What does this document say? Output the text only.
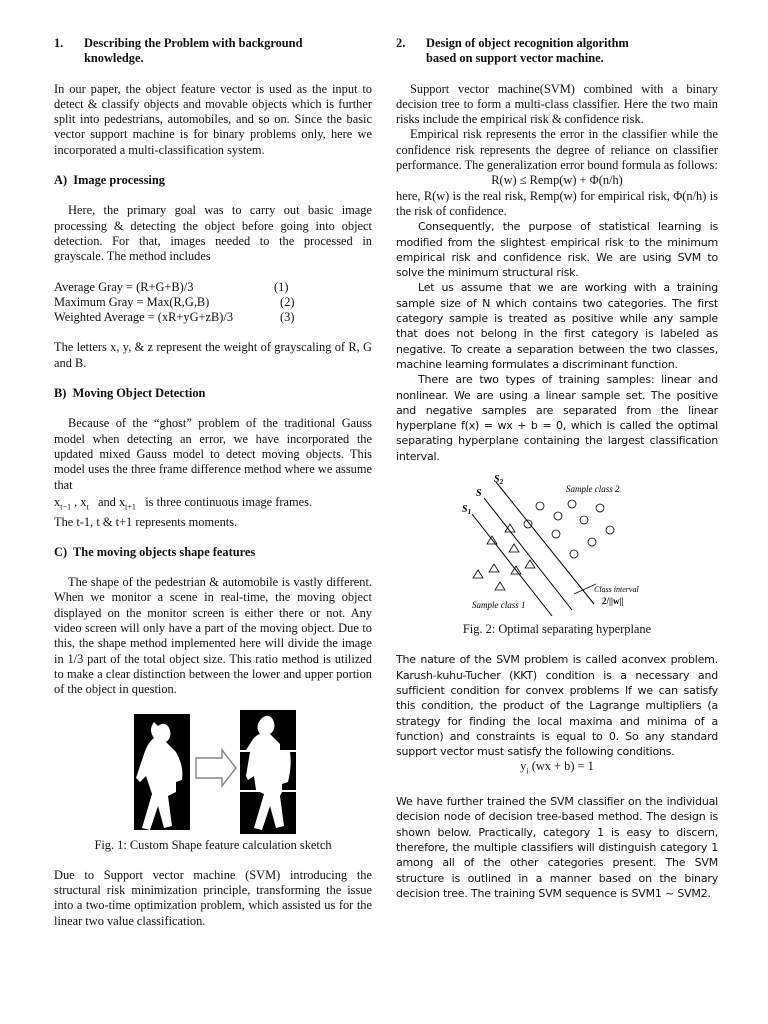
1.	Describing the Problem with background
knowledge.

In our paper, the object feature vector is used as the input to detect & classify objects and movable objects which is further split into pedestrians, automobiles, and so on. Since the basic vector support machine is for binary problems only, here we incorporated a multi-classification system.

A)  Image processing

Here, the primary goal was to carry out basic image processing & detecting the object before going into object detection. For that, images needed to the processed in grayscale. The method includes

Average Gray = (R+G+B)/3	(1)
Maximum Gray = Max(R,G,B)	(2)
Weighted Average = (xR+yG+zB)/3	(3)

The letters x, y, & z represent the weight of grayscaling of R, G and B.

B)  Moving Object Detection

Because of the “ghost” problem of the traditional Gauss model when detecting an error, we have incorporated the updated mixed Gauss model to detect moving objects. This model uses the three frame difference method where we assume that

$x_{t-1}$ , $x_t$ and $x_{t+1}$ is three continuous image frames.

The t-1, t & t+1 represents moments.

C)  The moving objects shape features

The shape of the pedestrian & automobile is vastly different. When we monitor a scene in real-time, the moving object displayed on the monitor screen is either there or not. Any video screen will only have a part of the moving object. Due to this, the shape method implemented here will divide the image in 1/3 part of the total object size. This ratio method is utilized to make a clear distinction between the lower and upper portion of the object in question.

Fig. 1: Custom Shape feature calculation sketch

Due to Support vector machine (SVM) introducing the structural risk minimization principle, transforming the issue into a two-time optimization problem, which assisted us for the linear two value classification.

2.	Design of object recognition algorithm
based on support vector machine.

Support vector machine(SVM) combined with a binary decision tree to form a multi-class classifier. Here the two main risks include the empirical risk & confidence risk.

Empirical risk represents the error in the classifier while the confidence risk represents the degree of reliance on classifier performance. The generalization error bound formula as follows:

R(w) ≤ Remp(w) + Φ(n/h)

here, R(w) is the real risk, Remp(w) for empirical risk, Φ(n/h) is the risk of confidence.

Consequently, the purpose of statistical learning is modified from the slightest empirical risk to the minimum empirical risk and confidence risk. We are using SVM to solve the minimum structural risk.

Let us assume that we are working with a training sample size of N which contains two categories. The first category sample is treated as positive while any sample that does not belong in the first category is labeled as negative. To create a separation between the two classes, machine learning formulates a discriminant function.

There are two types of training samples: linear and nonlinear. We are using a linear sample set. The positive and negative samples are separated from the linear hyperplane f(x) = wx + b = 0, which is called the optimal separating hyperplane containing the largest classification interval.

$S_2$
S
$S_1$
Sample class 2
Sample class 1
Class interval
2/||w||

Fig. 2: Optimal separating hyperplane

The nature of the SVM problem is called aconvex problem. Karush-kuhu-Tucher (KKT) condition is a necessary and sufficient condition for convex problems If we can satisfy this condition, the product of the Lagrange multipliers (a strategy for finding the local maxima and minima of a function) and constraints is equal to 0. So any standard support vector must satisfy the following conditions.

$y_i$ (wx + b) = 1

We have further trained the SVM classifier on the individual decision node of decision tree-based method. The design is shown below. Practically, category 1 is easy to discern, therefore, the multiple classifiers will distinguish category 1 among all of the other categories present. The SVM structure is outlined in a manner based on the binary decision tree. The training SVM sequence is SVM1 ~ SVM2.
